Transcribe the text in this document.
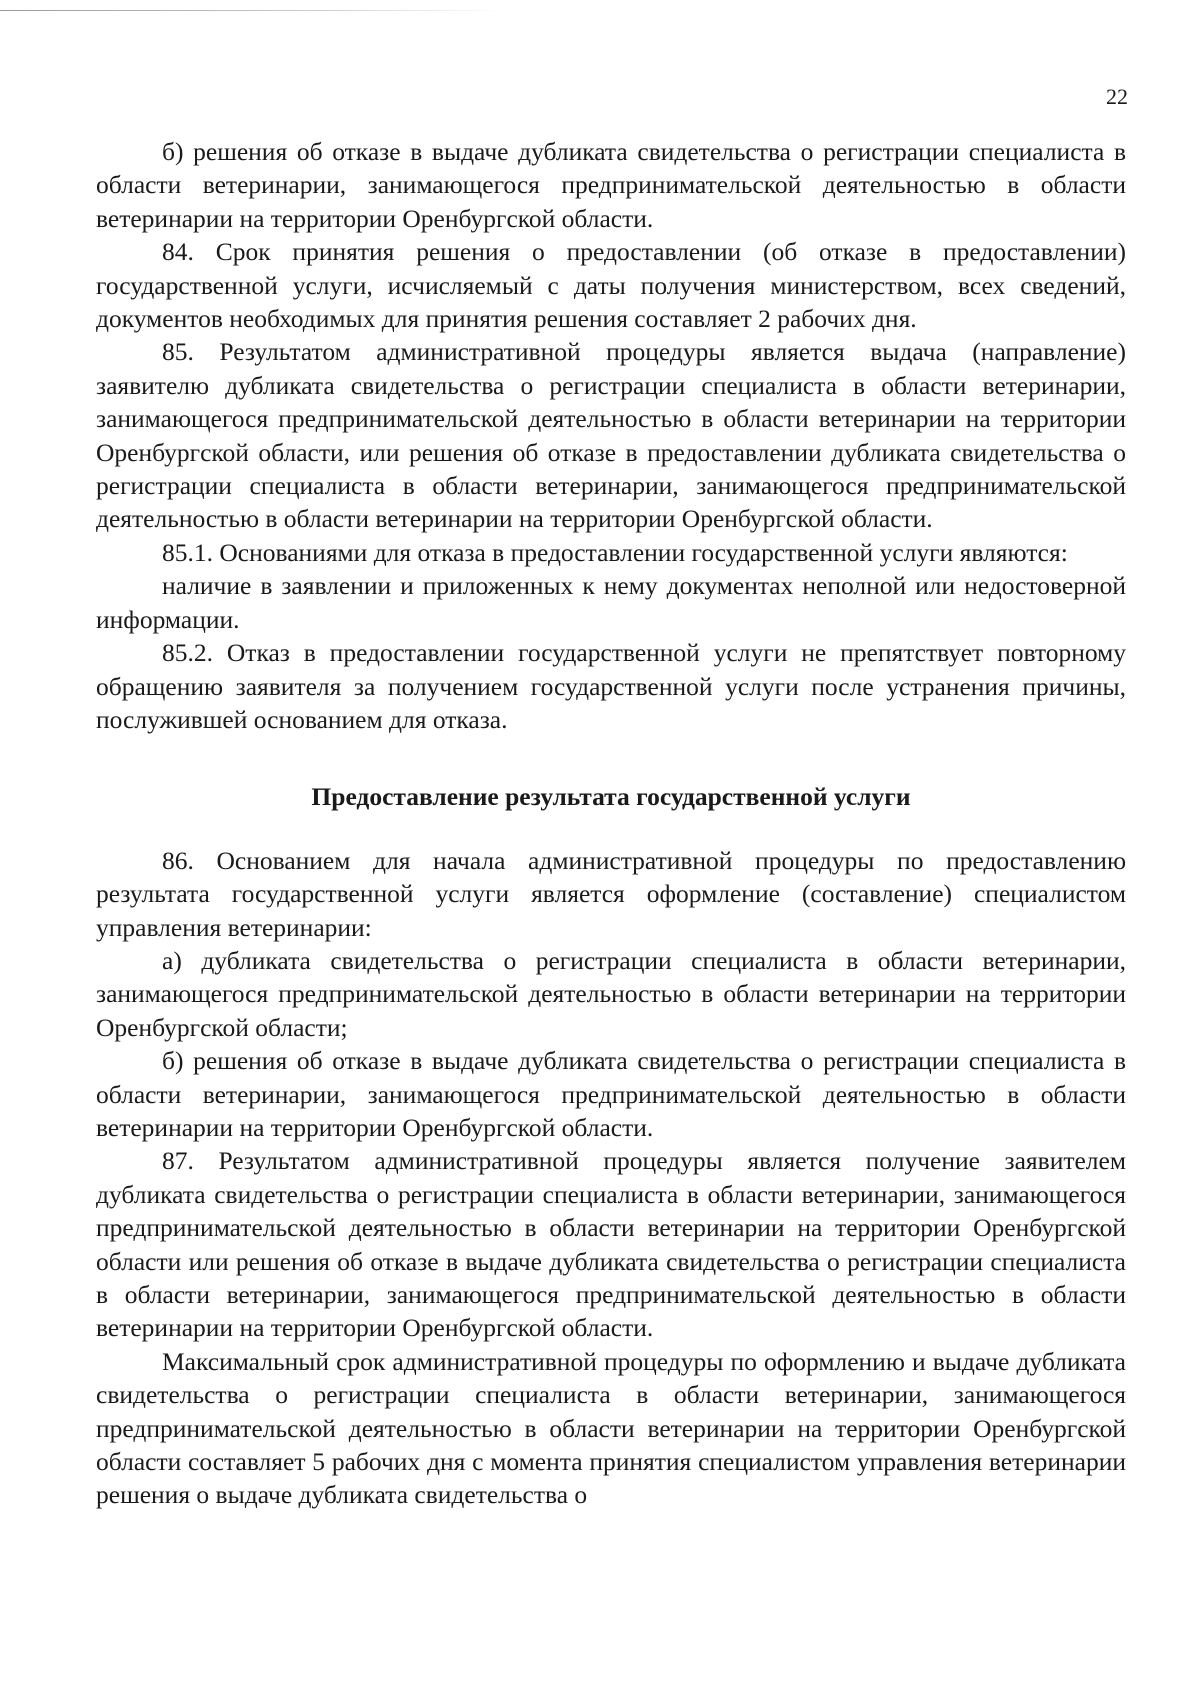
22

б) решения об отказе в выдаче дубликата свидетельства о регистрации специалиста в области ветеринарии, занимающегося предпринимательской деятельностью в области ветеринарии на территории Оренбургской области.

84. Срок принятия решения о предоставлении (об отказе в предоставлении) государственной услуги, исчисляемый с даты получения министерством, всех сведений, документов необходимых для принятия решения составляет 2 рабочих дня.

85. Результатом административной процедуры является выдача (направление) заявителю дубликата свидетельства о регистрации специалиста в области ветеринарии, занимающегося предпринимательской деятельностью в области ветеринарии на территории Оренбургской области, или решения об отказе в предоставлении дубликата свидетельства о регистрации специалиста в области ветеринарии, занимающегося предпринимательской деятельностью в области ветеринарии на территории Оренбургской области.

85.1. Основаниями для отказа в предоставлении государственной услуги являются:

наличие в заявлении и приложенных к нему документах неполной или недостоверной информации.

85.2. Отказ в предоставлении государственной услуги не препятствует повторному обращению заявителя за получением государственной услуги после устранения причины, послужившей основанием для отказа.

Предоставление результата государственной услуги

86. Основанием для начала административной процедуры по предоставлению результата государственной услуги является оформление (составление) специалистом управления ветеринарии:

а) дубликата свидетельства о регистрации специалиста в области ветеринарии, занимающегося предпринимательской деятельностью в области ветеринарии на территории Оренбургской области;

б) решения об отказе в выдаче дубликата свидетельства о регистрации специалиста в области ветеринарии, занимающегося предпринимательской деятельностью в области ветеринарии на территории Оренбургской области.

87. Результатом административной процедуры является получение заявителем дубликата свидетельства о регистрации специалиста в области ветеринарии, занимающегося предпринимательской деятельностью в области ветеринарии на территории Оренбургской области или решения об отказе в выдаче дубликата свидетельства о регистрации специалиста в области ветеринарии, занимающегося предпринимательской деятельностью в области ветеринарии на территории Оренбургской области.

Максимальный срок административной процедуры по оформлению и выдаче дубликата свидетельства о регистрации специалиста в области ветеринарии, занимающегося предпринимательской деятельностью в области ветеринарии на территории Оренбургской области составляет 5 рабочих дня с момента принятия специалистом управления ветеринарии решения о выдаче дубликата свидетельства о
